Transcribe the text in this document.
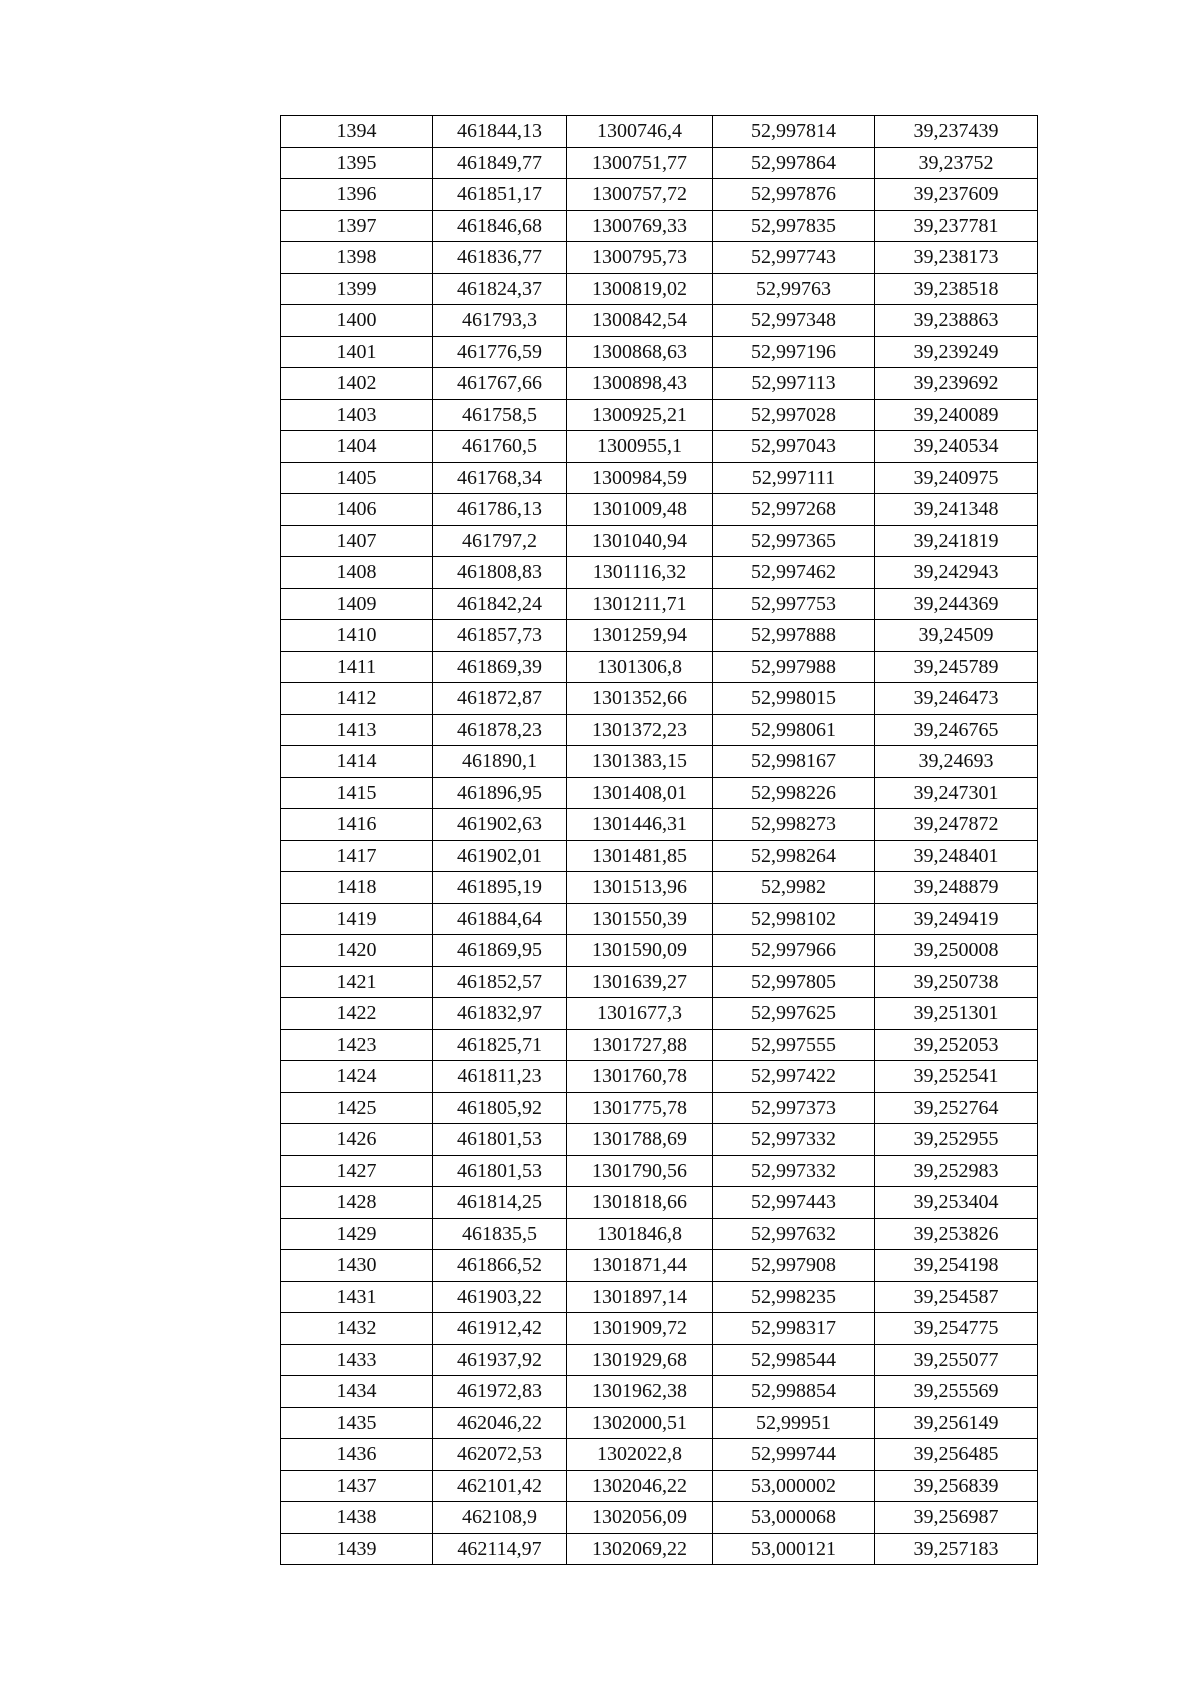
1394	461844,13	1300746,4	52,997814	39,237439
1395	461849,77	1300751,77	52,997864	39,23752
1396	461851,17	1300757,72	52,997876	39,237609
1397	461846,68	1300769,33	52,997835	39,237781
1398	461836,77	1300795,73	52,997743	39,238173
1399	461824,37	1300819,02	52,99763	39,238518
1400	461793,3	1300842,54	52,997348	39,238863
1401	461776,59	1300868,63	52,997196	39,239249
1402	461767,66	1300898,43	52,997113	39,239692
1403	461758,5	1300925,21	52,997028	39,240089
1404	461760,5	1300955,1	52,997043	39,240534
1405	461768,34	1300984,59	52,997111	39,240975
1406	461786,13	1301009,48	52,997268	39,241348
1407	461797,2	1301040,94	52,997365	39,241819
1408	461808,83	1301116,32	52,997462	39,242943
1409	461842,24	1301211,71	52,997753	39,244369
1410	461857,73	1301259,94	52,997888	39,24509
1411	461869,39	1301306,8	52,997988	39,245789
1412	461872,87	1301352,66	52,998015	39,246473
1413	461878,23	1301372,23	52,998061	39,246765
1414	461890,1	1301383,15	52,998167	39,24693
1415	461896,95	1301408,01	52,998226	39,247301
1416	461902,63	1301446,31	52,998273	39,247872
1417	461902,01	1301481,85	52,998264	39,248401
1418	461895,19	1301513,96	52,9982	39,248879
1419	461884,64	1301550,39	52,998102	39,249419
1420	461869,95	1301590,09	52,997966	39,250008
1421	461852,57	1301639,27	52,997805	39,250738
1422	461832,97	1301677,3	52,997625	39,251301
1423	461825,71	1301727,88	52,997555	39,252053
1424	461811,23	1301760,78	52,997422	39,252541
1425	461805,92	1301775,78	52,997373	39,252764
1426	461801,53	1301788,69	52,997332	39,252955
1427	461801,53	1301790,56	52,997332	39,252983
1428	461814,25	1301818,66	52,997443	39,253404
1429	461835,5	1301846,8	52,997632	39,253826
1430	461866,52	1301871,44	52,997908	39,254198
1431	461903,22	1301897,14	52,998235	39,254587
1432	461912,42	1301909,72	52,998317	39,254775
1433	461937,92	1301929,68	52,998544	39,255077
1434	461972,83	1301962,38	52,998854	39,255569
1435	462046,22	1302000,51	52,99951	39,256149
1436	462072,53	1302022,8	52,999744	39,256485
1437	462101,42	1302046,22	53,000002	39,256839
1438	462108,9	1302056,09	53,000068	39,256987
1439	462114,97	1302069,22	53,000121	39,257183
